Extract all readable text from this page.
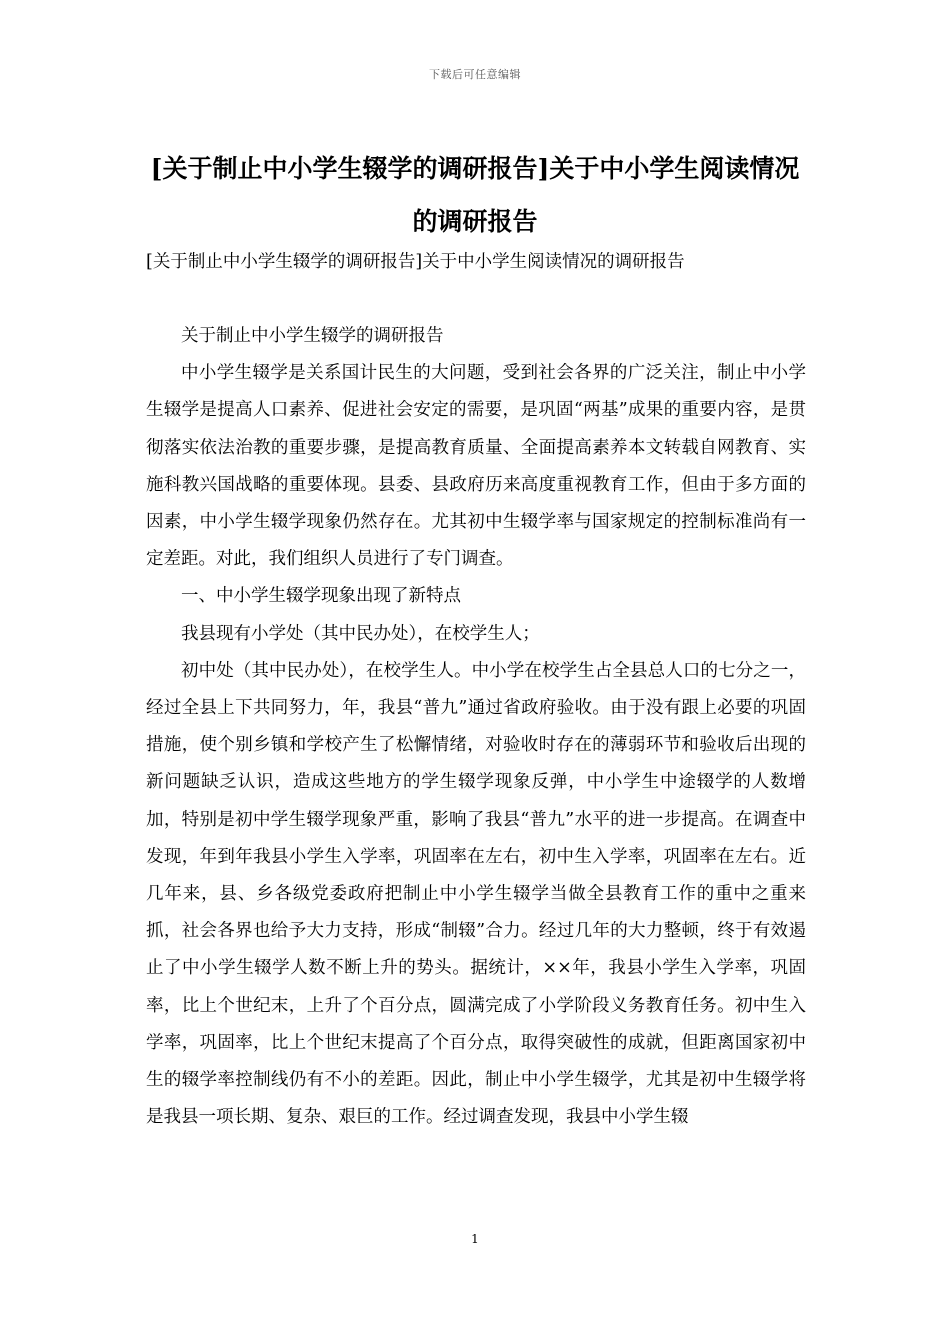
下载后可任意编辑
[关于制止中小学生辍学的调研报告]关于中小学生阅读情况的调研报告
[关于制止中小学生辍学的调研报告]关于中小学生阅读情况的调研报告

关于制止中小学生辍学的调研报告

中小学生辍学是关系国计民生的大问题，受到社会各界的广泛关注，制止中小学生辍学是提高人口素养、促进社会安定的需要，是巩固“两基”成果的重要内容，是贯彻落实依法治教的重要步骤，是提高教育质量、全面提高素养本文转载自网教育、实施科教兴国战略的重要体现。县委、县政府历来高度重视教育工作，但由于多方面的因素，中小学生辍学现象仍然存在。尤其初中生辍学率与国家规定的控制标准尚有一定差距。对此，我们组织人员进行了专门调查。

一、中小学生辍学现象出现了新特点

我县现有小学处（其中民办处），在校学生人；

初中处（其中民办处），在校学生人。中小学在校学生占全县总人口的七分之一，经过全县上下共同努力，年，我县“普九”通过省政府验收。由于没有跟上必要的巩固措施，使个别乡镇和学校产生了松懈情绪，对验收时存在的薄弱环节和验收后出现的新问题缺乏认识，造成这些地方的学生辍学现象反弹，中小学生中途辍学的人数增加，特别是初中学生辍学现象严重，影响了我县“普九”水平的进一步提高。在调查中发现，年到年我县小学生入学率，巩固率在左右，初中生入学率，巩固率在左右。近几年来，县、乡各级党委政府把制止中小学生辍学当做全县教育工作的重中之重来抓，社会各界也给予大力支持，形成“制辍”合力。经过几年的大力整顿，终于有效遏止了中小学生辍学人数不断上升的势头。据统计，××年，我县小学生入学率，巩固率，比上个世纪末，上升了个百分点，圆满完成了小学阶段义务教育任务。初中生入学率，巩固率，比上个世纪末提高了个百分点，取得突破性的成就，但距离国家初中生的辍学率控制线仍有不小的差距。因此，制止中小学生辍学，尤其是初中生辍学将是我县一项长期、复杂、艰巨的工作。经过调查发现，我县中小学生辍

1
